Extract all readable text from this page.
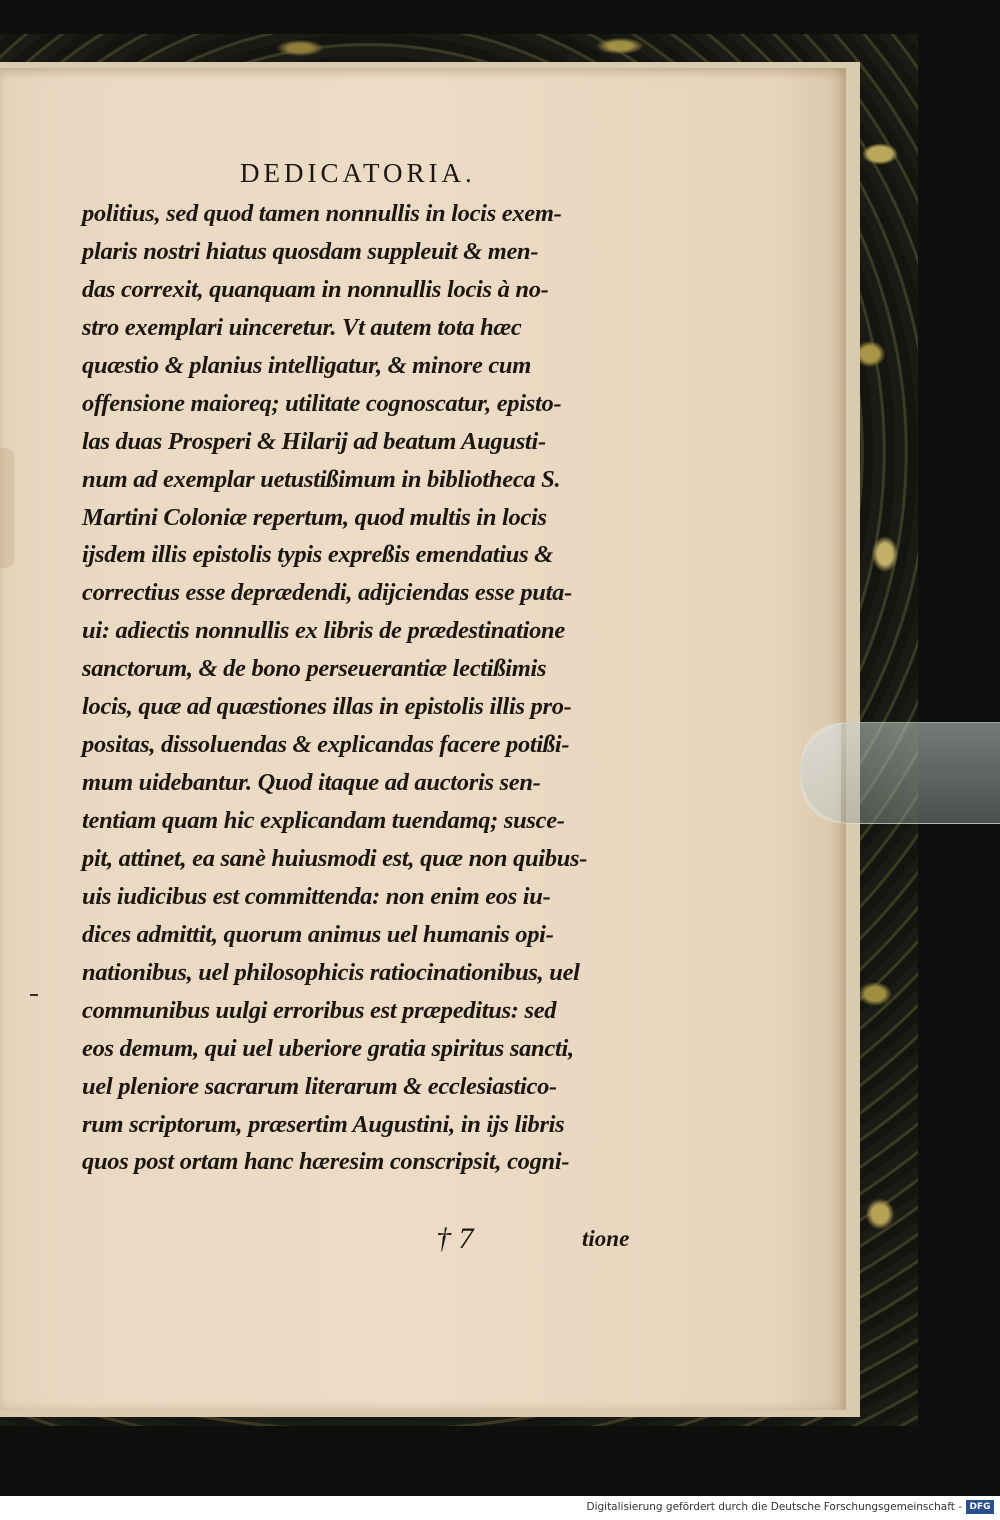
DEDICATORIA.
politius, sed quod tamen nonnullis in locis exem-
plaris nostri hiatus quosdam suppleuit & men-
das correxit, quanquam in nonnullis locis à no-
stro exemplari uinceretur. Vt autem tota hæc
quæstio & planius intelligatur, & minore cum
offensione maioreq; utilitate cognoscatur, episto-
las duas Prosperi & Hilarij ad beatum Augusti-
num ad exemplar uetustißimum in bibliotheca S.
Martini Coloniæ repertum, quod multis in locis
ijsdem illis epistolis typis expreßis emendatius &
correctius esse deprædendi, adijciendas esse puta-
ui: adiectis nonnullis ex libris de prædestinatione
sanctorum, & de bono perseuerantiæ lectißimis
locis, quæ ad quæstiones illas in epistolis illis pro-
positas, dissoluendas & explicandas facere potißi-
mum uidebantur. Quod itaque ad auctoris sen-
tentiam quam hic explicandam tuendamq; susce-
pit, attinet, ea sanè huiusmodi est, quæ non quibus-
uis iudicibus est committenda: non enim eos iu-
dices admittit, quorum animus uel humanis opi-
nationibus, uel philosophicis ratiocinationibus, uel
communibus uulgi erroribus est præpeditus: sed
eos demum, qui uel uberiore gratia spiritus sancti,
uel pleniore sacrarum literarum & ecclesiastico-
rum scriptorum, præsertim Augustini, in ijs libris
quos post ortam hanc hæresim conscripsit, cogni-
† 7	tione
Digitalisierung gefördert durch die Deutsche Forschungsgemeinschaft - DFG
